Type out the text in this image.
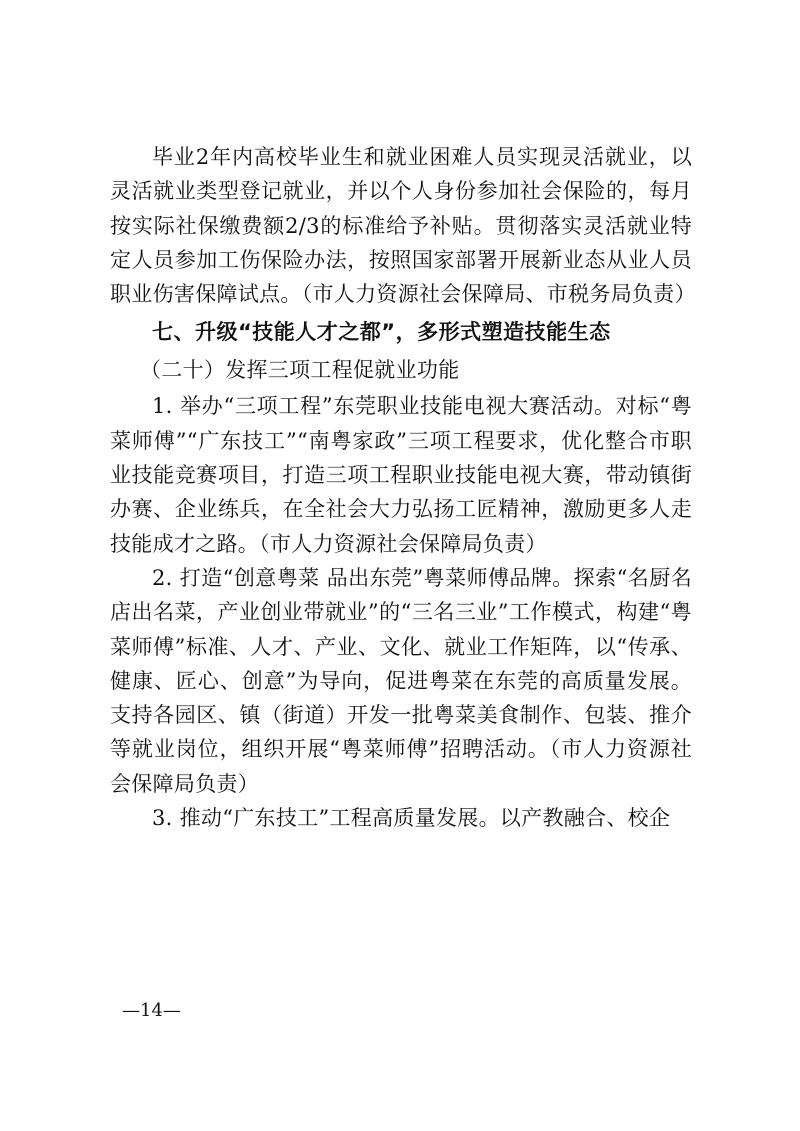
毕业2年内高校毕业生和就业困难人员实现灵活就业，以灵活就业类型登记就业，并以个人身份参加社会保险的，每月按实际社保缴费额2/3的标准给予补贴。贯彻落实灵活就业特定人员参加工伤保险办法，按照国家部署开展新业态从业人员职业伤害保障试点。（市人力资源社会保障局、市税务局负责）

七、升级“技能人才之都”，多形式塑造技能生态

（二十）发挥三项工程促就业功能

1. 举办“三项工程”东莞职业技能电视大赛活动。对标“粤菜师傅”“广东技工”“南粤家政”三项工程要求，优化整合市职业技能竞赛项目，打造三项工程职业技能电视大赛，带动镇街办赛、企业练兵，在全社会大力弘扬工匠精神，激励更多人走技能成才之路。（市人力资源社会保障局负责）

2. 打造“创意粤菜 品出东莞”粤菜师傅品牌。探索“名厨名店出名菜，产业创业带就业”的“三名三业”工作模式，构建“粤菜师傅”标准、人才、产业、文化、就业工作矩阵，以“传承、健康、匠心、创意”为导向，促进粤菜在东莞的高质量发展。支持各园区、镇（街道）开发一批粤菜美食制作、包装、推介等就业岗位，组织开展“粤菜师傅”招聘活动。（市人力资源社会保障局负责）

3. 推动“广东技工”工程高质量发展。以产教融合、校企

—14—
